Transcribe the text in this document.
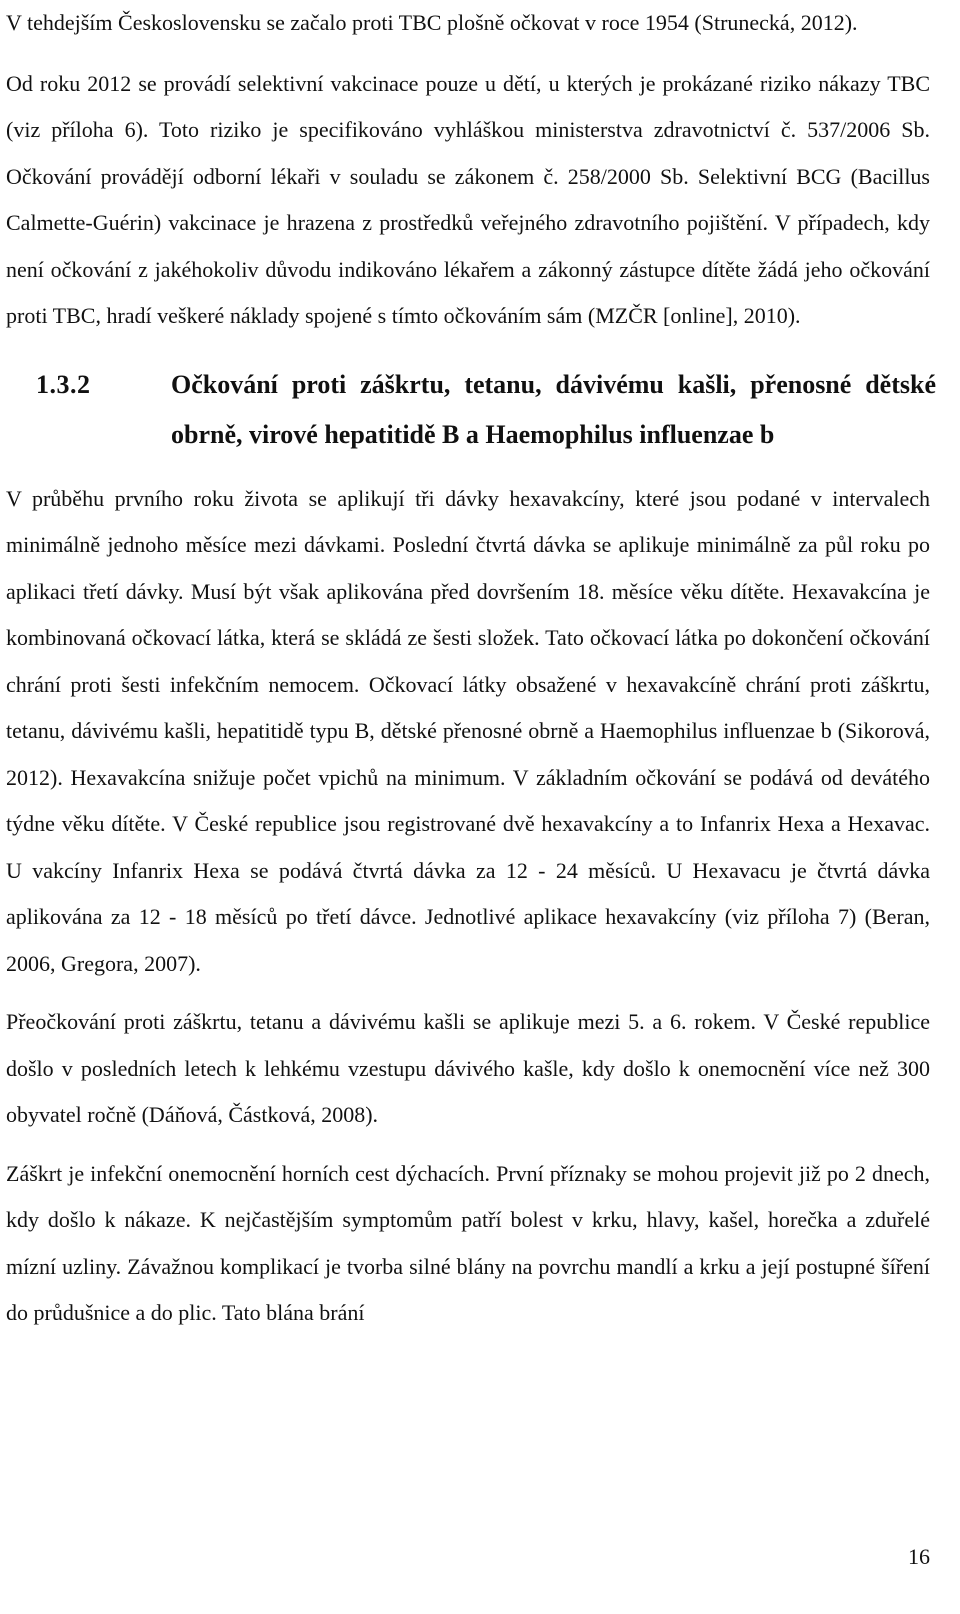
V tehdejším Československu se začalo proti TBC plošně očkovat v roce 1954 (Strunecká, 2012).

Od roku 2012 se provádí selektivní vakcinace pouze u dětí, u kterých je prokázané riziko nákazy TBC (viz příloha 6). Toto riziko je specifikováno vyhláškou ministerstva zdravotnictví č. 537/2006 Sb. Očkování provádějí odborní lékaři v souladu se zákonem č. 258/2000 Sb. Selektivní BCG (Bacillus Calmette-Guérin) vakcinace je hrazena z prostředků veřejného zdravotního pojištění. V případech, kdy není očkování z jakéhokoliv důvodu indikováno lékařem a zákonný zástupce dítěte žádá jeho očkování proti TBC, hradí veškeré náklady spojené s tímto očkováním sám (MZČR [online], 2010).

1.3.2	Očkování proti záškrtu, tetanu, dávivému kašli, přenosné dětské obrně, virové hepatitidě B a Haemophilus influenzae b

V průběhu prvního roku života se aplikují tři dávky hexavakcíny, které jsou podané v intervalech minimálně jednoho měsíce mezi dávkami. Poslední čtvrtá dávka se aplikuje minimálně za půl roku po aplikaci třetí dávky. Musí být však aplikována před dovršením 18. měsíce věku dítěte. Hexavakcína je kombinovaná očkovací látka, která se skládá ze šesti složek. Tato očkovací látka po dokončení očkování chrání proti šesti infekčním nemocem. Očkovací látky obsažené v hexavakcíně chrání proti záškrtu, tetanu, dávivému kašli, hepatitidě typu B, dětské přenosné obrně a Haemophilus influenzae b (Sikorová, 2012). Hexavakcína snižuje počet vpichů na minimum. V základním očkování se podává od devátého týdne věku dítěte. V České republice jsou registrované dvě hexavakcíny a to Infanrix Hexa a Hexavac. U vakcíny Infanrix Hexa se podává čtvrtá dávka za 12 - 24 měsíců. U Hexavacu je čtvrtá dávka aplikována za 12 - 18 měsíců po třetí dávce. Jednotlivé aplikace hexavakcíny (viz příloha 7) (Beran, 2006, Gregora, 2007).

Přeočkování proti záškrtu, tetanu a dávivému kašli se aplikuje mezi 5. a 6. rokem. V České republice došlo v posledních letech k lehkému vzestupu dávivého kašle, kdy došlo k onemocnění více než 300 obyvatel ročně (Dáňová, Částková, 2008).

Záškrt je infekční onemocnění horních cest dýchacích. První příznaky se mohou projevit již po 2 dnech, kdy došlo k nákaze. K nejčastějším symptomům patří bolest v krku, hlavy, kašel, horečka a zduřelé mízní uzliny. Závažnou komplikací je tvorba silné blány na povrchu mandlí a krku a její postupné šíření do průdušnice a do plic. Tato blána brání

16
